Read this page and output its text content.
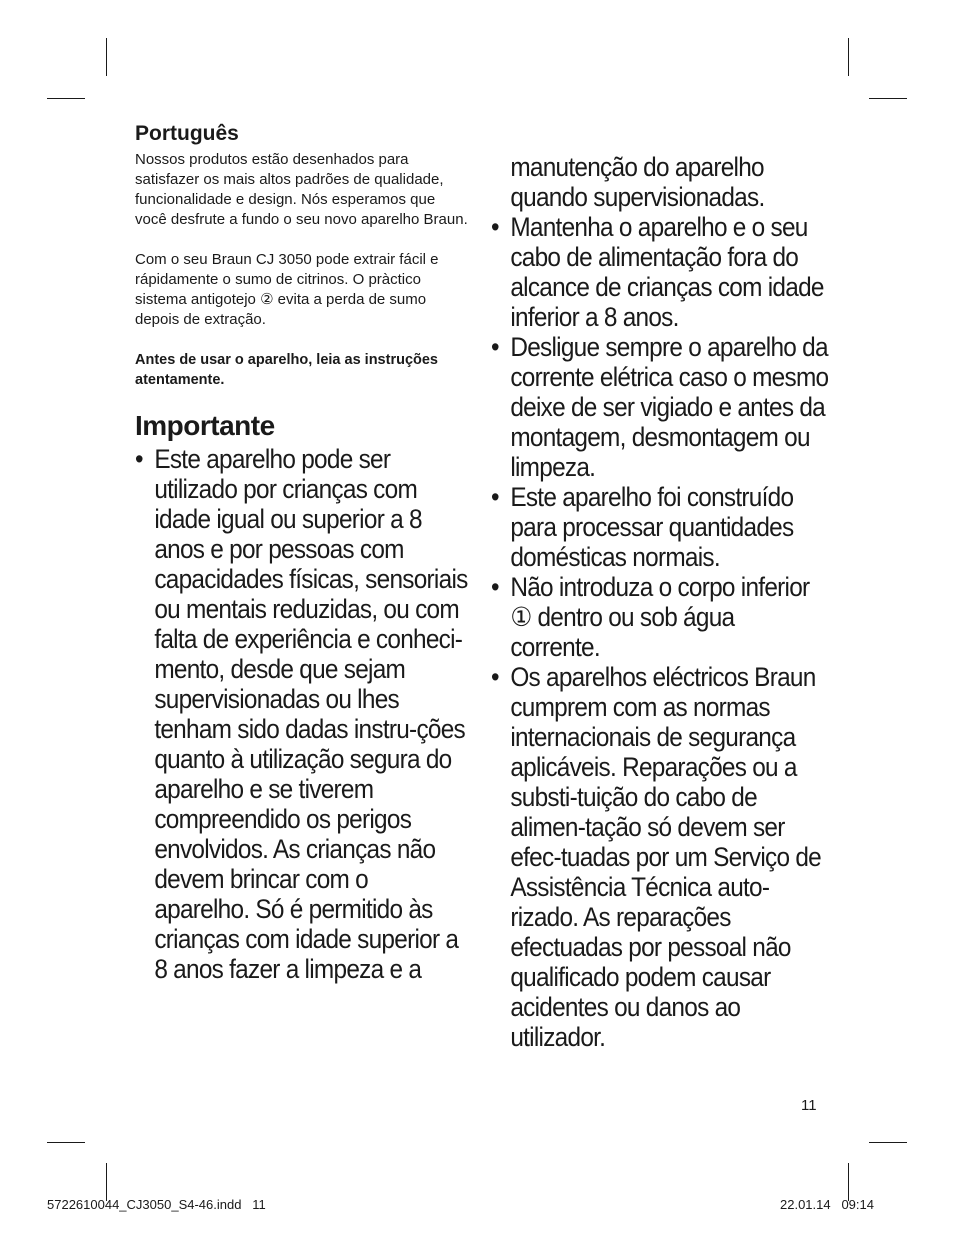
Português

Nossos produtos estão desenhados para satisfazer os mais altos padrões de qualidade, funcionalidade e design. Nós esperamos que você desfrute a fundo o seu novo aparelho Braun.

Com o seu Braun CJ 3050 pode extrair fácil e rápidamente o sumo de citrinos. O pràctico sistema antigotejo ② evita a perda de sumo depois de extração.

Antes de usar o aparelho, leia as instruções atentamente.

Importante
• Este aparelho pode ser utilizado por crianças com idade igual ou superior a 8 anos e por pessoas com capacidades físicas, sensoriais ou mentais reduzidas, ou com falta de experiência e conheci-mento, desde que sejam supervisionadas ou lhes tenham sido dadas instru-ções quanto à utilização segura do aparelho e se tiverem compreendido os perigos envolvidos. As crianças não devem brincar com o aparelho. Só é permitido às crianças com idade superior a 8 anos fazer a limpeza e a
manutenção do aparelho quando supervisionadas.
• Mantenha o aparelho e o seu cabo de alimentação fora do alcance de crianças com idade inferior a 8 anos.
• Desligue sempre o aparelho da corrente elétrica caso o mesmo deixe de ser vigiado e antes da montagem, desmontagem ou limpeza.
• Este aparelho foi construído para processar quantidades domésticas normais.
• Não introduza o corpo inferior ① dentro ou sob água corrente.
• Os aparelhos eléctricos Braun cumprem com as normas internacionais de segurança aplicáveis. Reparações ou a substi-tuição do cabo de alimen-tação só devem ser efec-tuadas por um Serviço de Assistência Técnica auto-rizado. As reparações efectuadas por pessoal não qualificado podem causar acidentes ou danos ao utilizador.
11
5722610044_CJ3050_S4-46.indd   11	22.01.14   09:14
